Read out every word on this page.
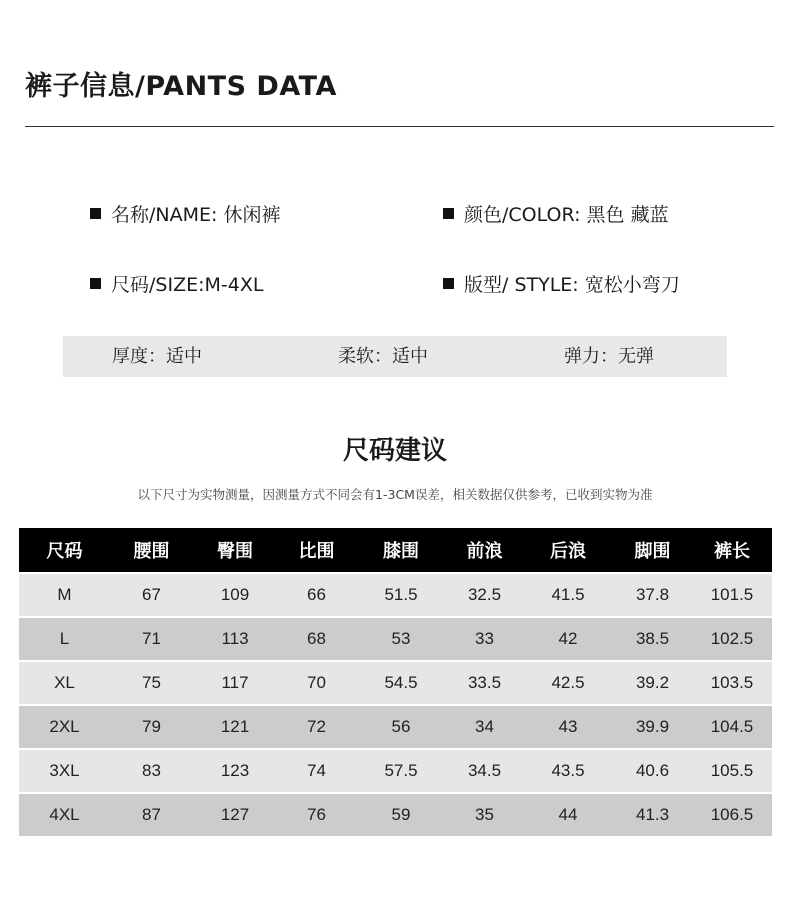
裤子信息/PANTS DATA
名称/NAME: 休闲裤	颜色/COLOR: 黑色 藏蓝
尺码/SIZE:M-4XL	版型/ STYLE: 宽松小弯刀
厚度：适中	柔软：适中	弹力：无弹
尺码建议
以下尺寸为实物测量，因测量方式不同会有1-3CM误差，相关数据仅供参考，已收到实物为准
尺码	腰围	臀围	比围	膝围	前浪	后浪	脚围	裤长
M	67	109	66	51.5	32.5	41.5	37.8	101.5
L	71	113	68	53	33	42	38.5	102.5
XL	75	117	70	54.5	33.5	42.5	39.2	103.5
2XL	79	121	72	56	34	43	39.9	104.5
3XL	83	123	74	57.5	34.5	43.5	40.6	105.5
4XL	87	127	76	59	35	44	41.3	106.5
